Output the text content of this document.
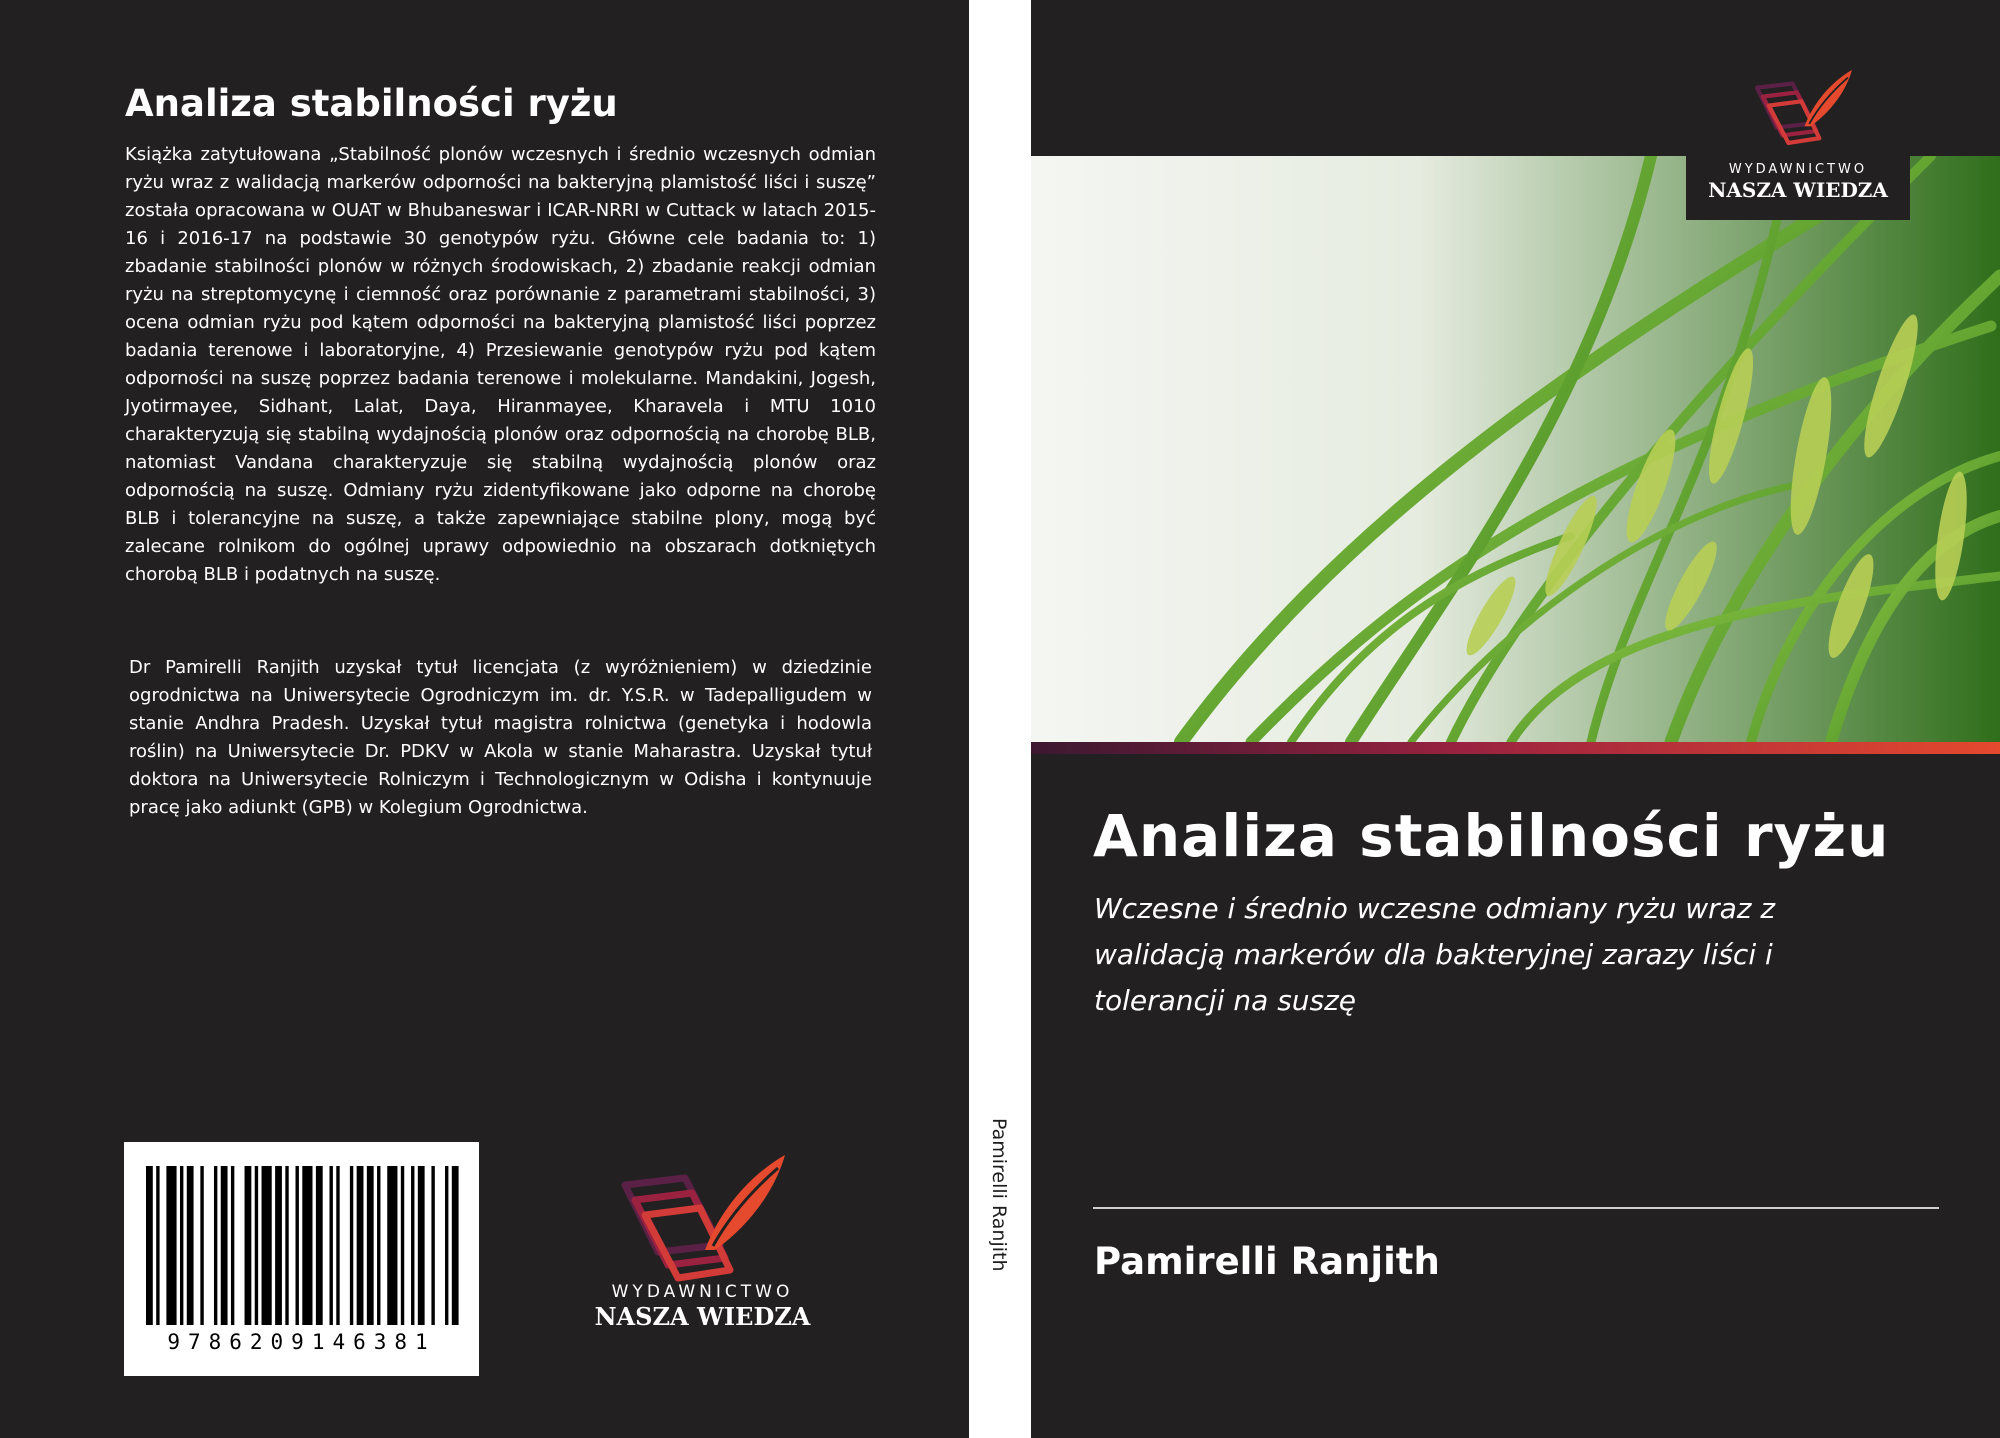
Analiza stabilności ryżu

Książka zatytułowana „Stabilność plonów wczesnych i średnio wczesnych odmian ryżu wraz z walidacją markerów odporności na bakteryjną plamistość liści i suszę” została opracowana w OUAT w Bhubaneswar i ICAR-NRRI w Cuttack w latach 2015-16 i 2016-17 na podstawie 30 genotypów ryżu. Główne cele badania to: 1) zbadanie stabilności plonów w różnych środowiskach, 2) zbadanie reakcji odmian ryżu na streptomycynę i ciemność oraz porównanie z parametrami stabilności, 3) ocena odmian ryżu pod kątem odporności na bakteryjną plamistość liści poprzez badania terenowe i laboratoryjne, 4) Przesiewanie genotypów ryżu pod kątem odporności na suszę poprzez badania terenowe i molekularne. Mandakini, Jogesh, Jyotirmayee, Sidhant, Lalat, Daya, Hiranmayee, Kharavela i MTU 1010 charakteryzują się stabilną wydajnością plonów oraz odpornością na chorobę BLB, natomiast Vandana charakteryzuje się stabilną wydajnością plonów oraz odpornością na suszę. Odmiany ryżu zidentyfikowane jako odporne na chorobę BLB i tolerancyjne na suszę, a także zapewniające stabilne plony, mogą być zalecane rolnikom do ogólnej uprawy odpowiednio na obszarach dotkniętych chorobą BLB i podatnych na suszę.

Dr Pamirelli Ranjith uzyskał tytuł licencjata (z wyróżnieniem) w dziedzinie ogrodnictwa na Uniwersytecie Ogrodniczym im. dr. Y.S.R. w Tadepalligudem w stanie Andhra Pradesh. Uzyskał tytuł magistra rolnictwa (genetyka i hodowla roślin) na Uniwersytecie Dr. PDKV w Akola w stanie Maharastra. Uzyskał tytuł doktora na Uniwersytecie Rolniczym i Technologicznym w Odisha i kontynuuje pracę jako adiunkt (GPB) w Kolegium Ogrodnictwa.

9786209146381

WYDAWNICTWO

NASZA WIEDZA

Pamirelli Ranjith

WYDAWNICTWO

NASZA WIEDZA

Analiza stabilności ryżu

Wczesne i średnio wczesne odmiany ryżu wraz z walidacją markerów dla bakteryjnej zarazy liści i tolerancji na suszę

Pamirelli Ranjith
